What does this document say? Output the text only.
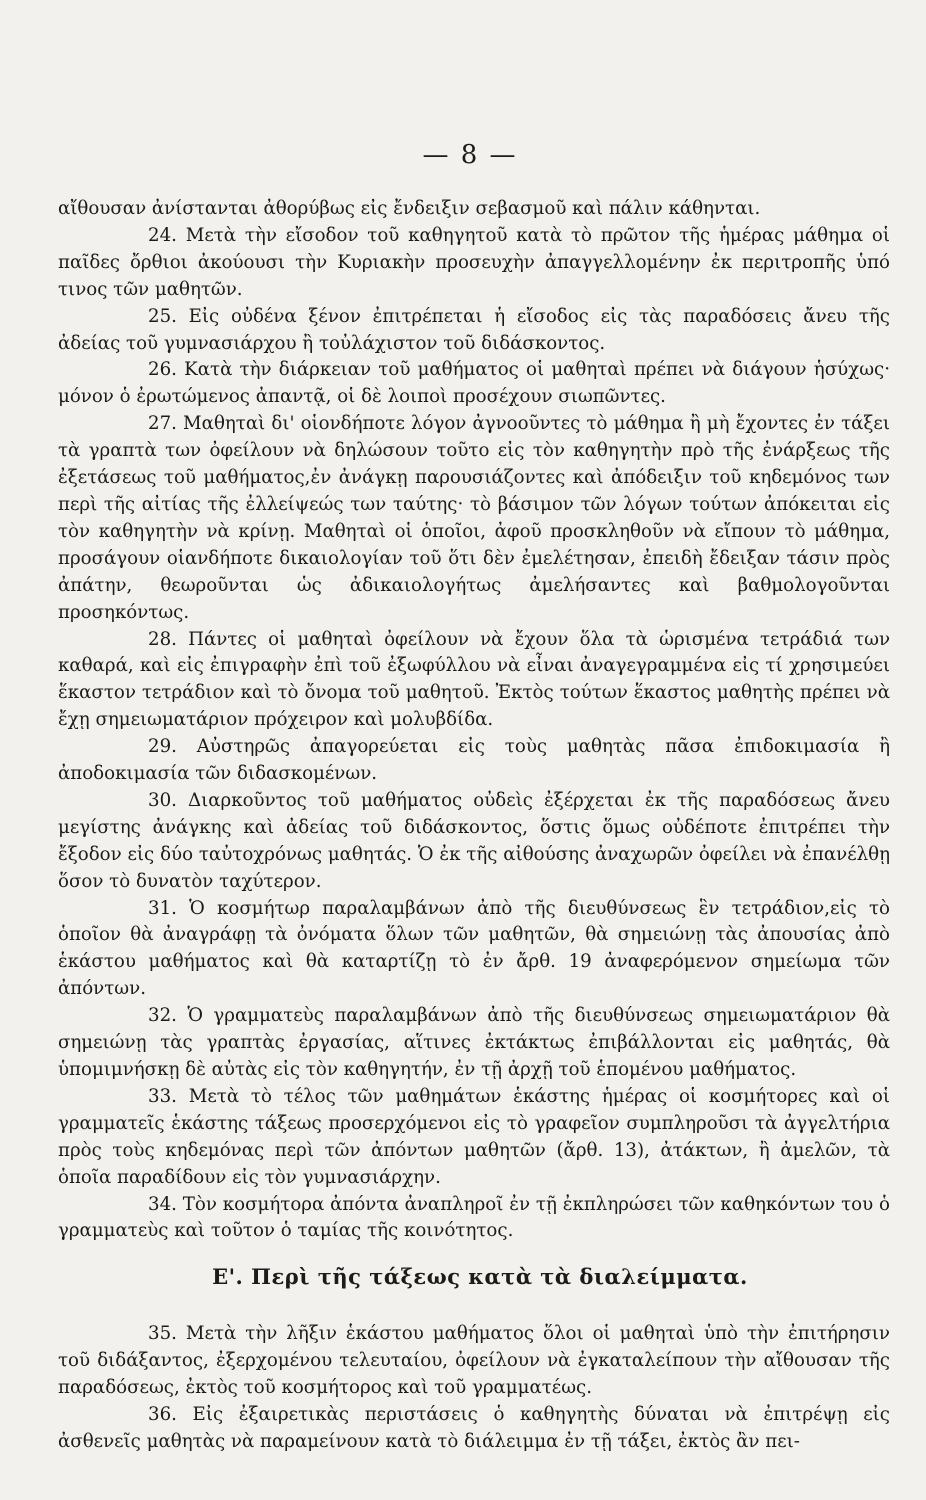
— 8 —

αἴθουσαν ἀνίστανται ἀθορύβως εἰς ἔνδειξιν σεβασμοῦ καὶ πάλιν κάθηνται.

24. Μετὰ τὴν εἴσοδον τοῦ καθηγητοῦ κατὰ τὸ πρῶτον τῆς ἡμέρας μάθημα οἱ παῖδες ὄρθιοι ἀκούουσι τὴν Κυριακὴν προσευχὴν ἀπαγγελλομένην ἐκ περιτροπῆς ὑπό τινος τῶν μαθητῶν.

25. Εἰς οὐδένα ξένον ἐπιτρέπεται ἡ εἴσοδος εἰς τὰς παραδόσεις ἄνευ τῆς ἀδείας τοῦ γυμνασιάρχου ἢ τοὐλάχιστον τοῦ διδάσκοντος.

26. Κατὰ τὴν διάρκειαν τοῦ μαθήματος οἱ μαθηταὶ πρέπει νὰ διάγουν ἡσύχως· μόνον ὁ ἐρωτώμενος ἀπαντᾷ, οἱ δὲ λοιποὶ προσέχουν σιωπῶντες.

27. Μαθηταὶ δι' οἱονδήποτε λόγον ἀγνοοῦντες τὸ μάθημα ἢ μὴ ἔχοντες ἐν τάξει τὰ γραπτὰ των ὀφείλουν νὰ δηλώσουν τοῦτο εἰς τὸν καθηγητὴν πρὸ τῆς ἐνάρξεως τῆς ἐξετάσεως τοῦ μαθήματος,ἐν ἀνάγκῃ παρουσιάζοντες καὶ ἀπόδειξιν τοῦ κηδεμόνος των περὶ τῆς αἰτίας τῆς ἐλλείψεώς των ταύτης· τὸ βάσιμον τῶν λόγων τούτων ἀπόκειται εἰς τὸν καθηγητὴν νὰ κρίνῃ. Μαθηταὶ οἱ ὁποῖοι, ἀφοῦ προσκληθοῦν νὰ εἴπουν τὸ μάθημα, προσάγουν οἱανδήποτε δικαιολογίαν τοῦ ὅτι δὲν ἐμελέτησαν, ἐπειδὴ ἔδειξαν τάσιν πρὸς ἀπάτην, θεωροῦνται ὡς ἀδικαιολογήτως ἀμελήσαντες καὶ βαθμολογοῦνται προσηκόντως.

28. Πάντες οἱ μαθηταὶ ὀφείλουν νὰ ἔχουν ὅλα τὰ ὡρισμένα τετράδιά των καθαρά, καὶ εἰς ἐπιγραφὴν ἐπὶ τοῦ ἐξωφύλλου νὰ εἶναι ἀναγεγραμμένα εἰς τί χρησιμεύει ἕκαστον τετράδιον καὶ τὸ ὄνομα τοῦ μαθητοῦ. Ἐκτὸς τούτων ἕκαστος μαθητὴς πρέπει νὰ ἔχῃ σημειωματάριον πρόχειρον καὶ μολυβδίδα.

29. Αὐστηρῶς ἀπαγορεύεται εἰς τοὺς μαθητὰς πᾶσα ἐπιδοκιμασία ἢ ἀποδοκιμασία τῶν διδασκομένων.

30. Διαρκοῦντος τοῦ μαθήματος οὐδεὶς ἐξέρχεται ἐκ τῆς παραδόσεως ἄνευ μεγίστης ἀνάγκης καὶ ἀδείας τοῦ διδάσκοντος, ὅστις ὅμως οὐδέποτε ἐπιτρέπει τὴν ἔξοδον εἰς δύο ταὐτοχρόνως μαθητάς. Ὁ ἐκ τῆς αἰθούσης ἀναχωρῶν ὀφείλει νὰ ἐπανέλθῃ ὅσον τὸ δυνατὸν ταχύτερον.

31. Ὁ κοσμήτωρ παραλαμβάνων ἀπὸ τῆς διευθύνσεως ἓν τετράδιον,εἰς τὸ ὁποῖον θὰ ἀναγράφῃ τὰ ὀνόματα ὅλων τῶν μαθητῶν, θὰ σημειώνῃ τὰς ἀπουσίας ἀπὸ ἑκάστου μαθήματος καὶ θὰ καταρτίζῃ τὸ ἐν ἄρθ. 19 ἀναφερόμενον σημείωμα τῶν ἀπόντων.

32. Ὁ γραμματεὺς παραλαμβάνων ἀπὸ τῆς διευθύνσεως σημειωματάριον θὰ σημειώνῃ τὰς γραπτὰς ἐργασίας, αἵτινες ἐκτάκτως ἐπιβάλλονται εἰς μαθητάς, θὰ ὑπομιμνήσκῃ δὲ αὐτὰς εἰς τὸν καθηγητήν, ἐν τῇ ἀρχῇ τοῦ ἑπομένου μαθήματος.

33. Μετὰ τὸ τέλος τῶν μαθημάτων ἑκάστης ἡμέρας οἱ κοσμήτορες καὶ οἱ γραμματεῖς ἑκάστης τάξεως προσερχόμενοι εἰς τὸ γραφεῖον συμπληροῦσι τὰ ἀγγελτήρια πρὸς τοὺς κηδεμόνας περὶ τῶν ἀπόντων μαθητῶν (ἄρθ. 13), ἀτάκτων, ἢ ἀμελῶν, τὰ ὁποῖα παραδίδουν εἰς τὸν γυμνασιάρχην.

34. Τὸν κοσμήτορα ἀπόντα ἀναπληροῖ ἐν τῇ ἐκπληρώσει τῶν καθηκόντων του ὁ γραμματεὺς καὶ τοῦτον ὁ ταμίας τῆς κοινότητος.

Ε'. Περὶ τῆς τάξεως κατὰ τὰ διαλείμματα.

35. Μετὰ τὴν λῆξιν ἑκάστου μαθήματος ὅλοι οἱ μαθηταὶ ὑπὸ τὴν ἐπιτήρησιν τοῦ διδάξαντος, ἐξερχομένου τελευταίου, ὀφείλουν νὰ ἐγκαταλείπουν τὴν αἴθουσαν τῆς παραδόσεως, ἐκτὸς τοῦ κοσμήτορος καὶ τοῦ γραμματέως.

36. Εἰς ἐξαιρετικὰς περιστάσεις ὁ καθηγητὴς δύναται νὰ ἐπιτρέψῃ εἰς ἀσθενεῖς μαθητὰς νὰ παραμείνουν κατὰ τὸ διάλειμμα ἐν τῇ τάξει, ἐκτὸς ἂν πει-
